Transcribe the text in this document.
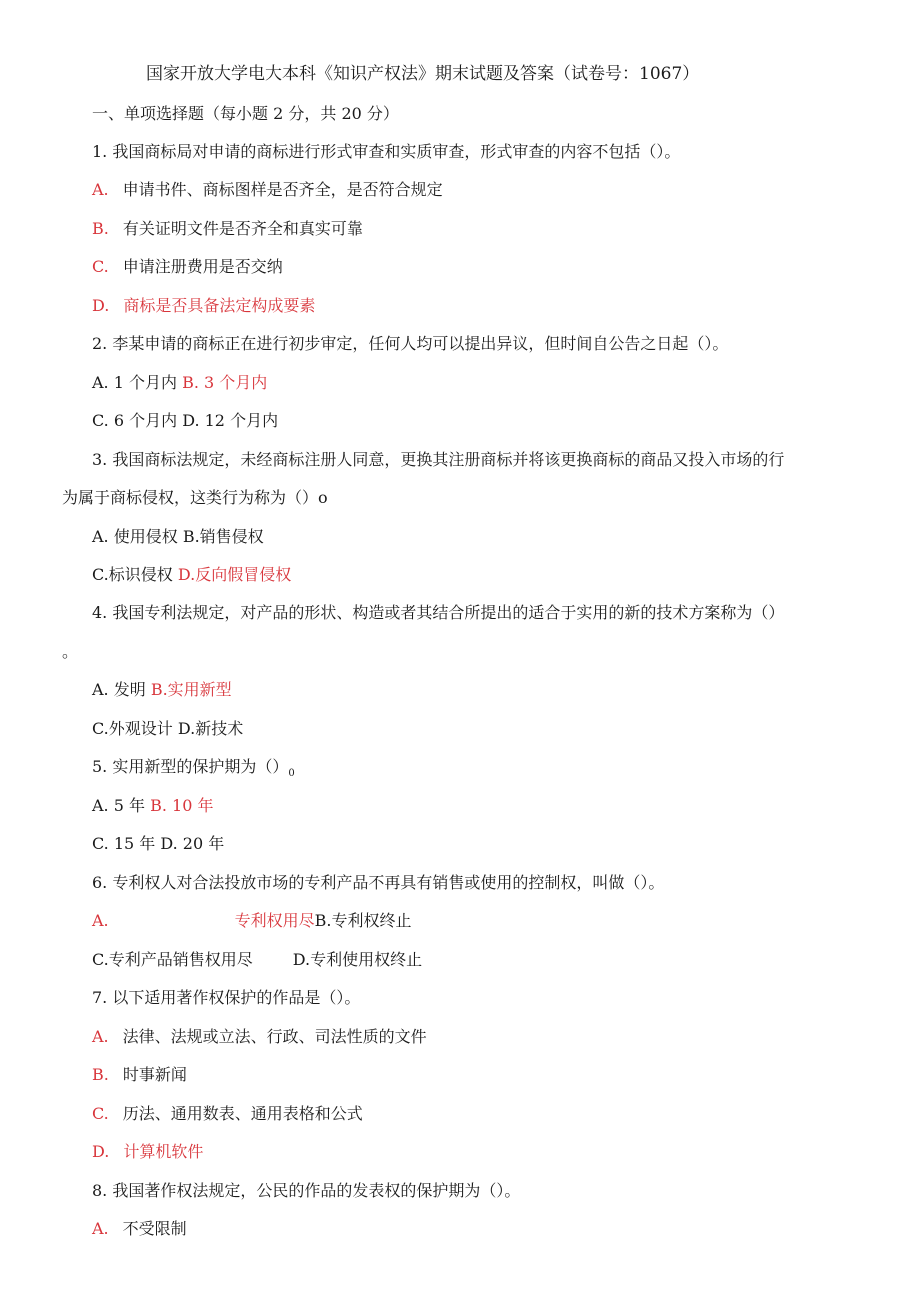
国家开放大学电大本科《知识产权法》期末试题及答案（试卷号：1067）
一、单项选择题（每小题 2 分，共 20 分）
1. 我国商标局对申请的商标进行形式审查和实质审查，形式审查的内容不包括（）。
A. 申请书件、商标图样是否齐全，是否符合规定
B. 有关证明文件是否齐全和真实可靠
C. 申请注册费用是否交纳
D. 商标是否具备法定构成要素
2. 李某申请的商标正在进行初步审定，任何人均可以提出异议，但时间自公告之日起（）。
A. 1 个月内 B. 3 个月内
C. 6 个月内 D. 12 个月内
3. 我国商标法规定，未经商标注册人同意，更换其注册商标并将该更换商标的商品又投入市场的行
为属于商标侵权，这类行为称为（）o
A. 使用侵权 B.销售侵权
C.标识侵权 D.反向假冒侵权
4. 我国专利法规定，对产品的形状、构造或者其结合所提出的适合于实用的新的技术方案称为（）
。
A. 发明 B.实用新型
C.外观设计 D.新技术
5. 实用新型的保护期为$()_0$
A. 5 年 B. 10 年
C. 15 年 D. 20 年
6. 专利权人对合法投放市场的专利产品不再具有销售或使用的控制权，叫做（）。
A.	专利权用尽B.专利权终止
C.专利产品销售权用尽	D.专利使用权终止
7. 以下适用著作权保护的作品是（）。
A. 法律、法规或立法、行政、司法性质的文件
B. 时事新闻
C. 历法、通用数表、通用表格和公式
D. 计算机软件
8. 我国著作权法规定，公民的作品的发表权的保护期为（）。
A. 不受限制
